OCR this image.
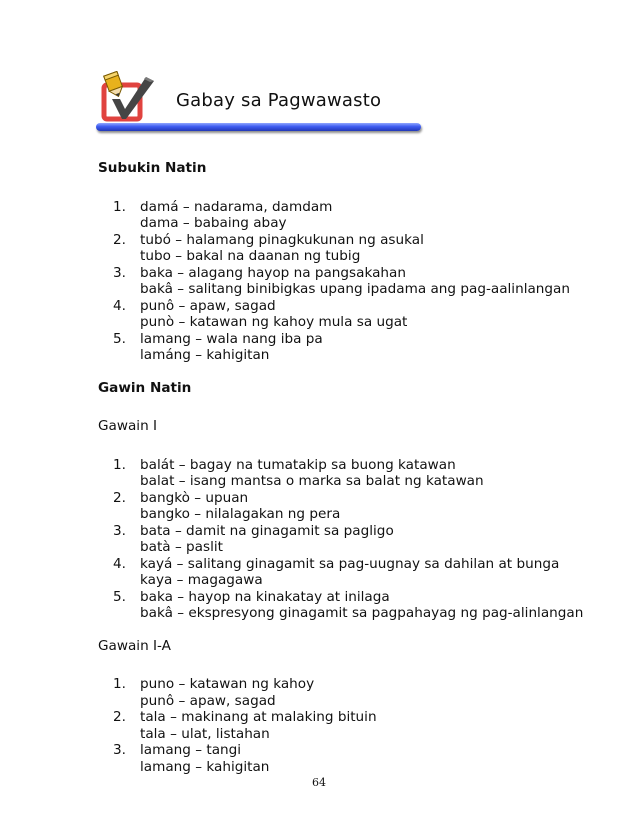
Gabay sa Pagwawasto

Subukin Natin

1. damá – nadarama, damdam
dama – babaing abay
2. tubó – halamang pinagkukunan ng asukal
tubo – bakal na daanan ng tubig
3. baka – alagang hayop na pangsakahan
bakâ – salitang binibigkas upang ipadama ang pag-aalinlangan
4. punô – apaw, sagad
punò – katawan ng kahoy mula sa ugat
5. lamang – wala nang iba pa
lamáng – kahigitan

Gawin Natin

Gawain I

1. balát – bagay na tumatakip sa buong katawan
balat – isang mantsa o marka sa balat ng katawan
2. bangkò – upuan
bangko – nilalagakan ng pera
3. bata – damit na ginagamit sa pagligo
batà – paslit
4. kayá – salitang ginagamit sa pag-uugnay sa dahilan at bunga
kaya – magagawa
5. baka – hayop na kinakatay at inilaga
bakâ – ekspresyong ginagamit sa pagpahayag ng pag-alinlangan

Gawain I-A

1. puno – katawan ng kahoy
punô – apaw, sagad
2. tala – makinang at malaking bituin
tala – ulat, listahan
3. lamang – tangi
lamang – kahigitan
64
